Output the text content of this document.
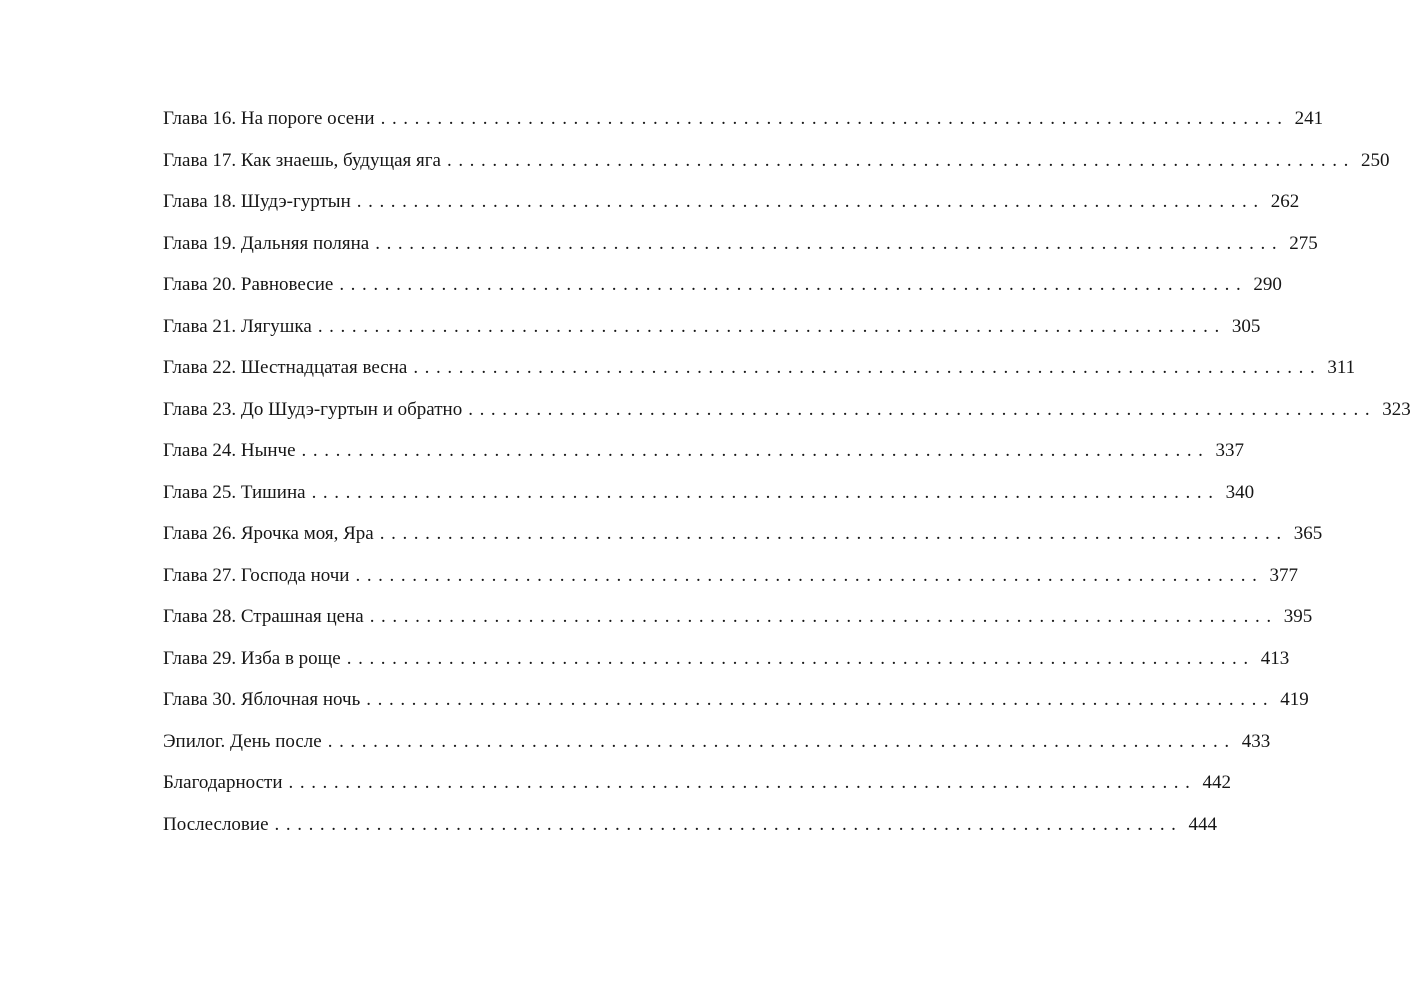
Глава 16. На пороге осени ................................................................................ 241
Глава 17. Как знаешь, будущая яга ................................................................................ 250
Глава 18. Шудэ-гуртын ................................................................................ 262
Глава 19. Дальняя поляна ................................................................................ 275
Глава 20. Равновесие ................................................................................ 290
Глава 21. Лягушка ................................................................................ 305
Глава 22. Шестнадцатая весна ................................................................................ 311
Глава 23. До Шудэ-гуртын и обратно ................................................................................ 323
Глава 24. Нынче ................................................................................ 337
Глава 25. Тишина ................................................................................ 340
Глава 26. Ярочка моя, Яра ................................................................................ 365
Глава 27. Господа ночи ................................................................................ 377
Глава 28. Страшная цена ................................................................................ 395
Глава 29. Изба в роще ................................................................................ 413
Глава 30. Яблочная ночь ................................................................................ 419
Эпилог. День после ................................................................................ 433
Благодарности ................................................................................ 442
Послесловие ................................................................................ 444
